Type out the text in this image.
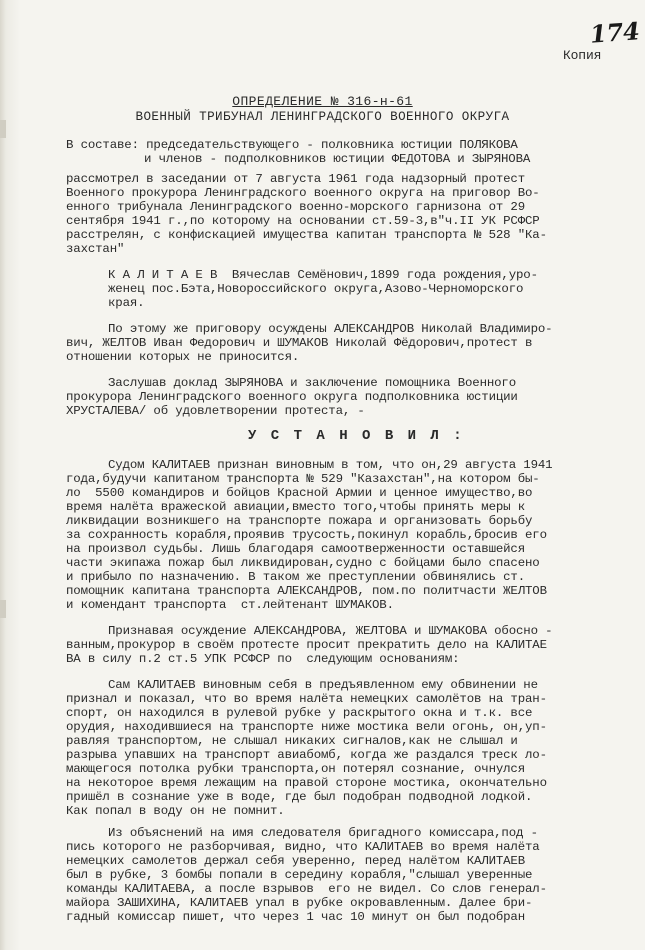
174
Копия
ОПРЕДЕЛЕНИЕ № 316-н-61
ВОЕННЫЙ ТРИБУНАЛ ЛЕНИНГРАДСКОГО ВОЕННОГО ОКРУГА
В составе: председательствующего - полковника юстиции ПОЛЯКОВА
и членов - подполковников юстиции ФЕДОТОВА и ЗЫРЯНОВА
рассмотрел в заседании от 7 августа 1961 года надзорный протест
Военного прокурора Ленинградского военного округа на приговор Во-
енного трибунала Ленинградского военно-морского гарнизона от 29
сентября 1941 г.,по которому на основании ст.59-3,в"ч.II УК РСФСР
расстрелян, с конфискацией имущества капитан транспорта № 528 "Ка-
захстан"
К А Л И Т А Е В  Вячеслав Семёнович,1899 года рождения,уро-
женец пос.Бэта,Новороссийского округа,Азово-Черноморского
края.
По этому же приговору осуждены АЛЕКСАНДРОВ Николай Владимиро-
вич, ЖЕЛТОВ Иван Федорович и ШУМАКОВ Николай Фёдорович,протест в
отношении которых не приносится.
Заслушав доклад ЗЫРЯНОВА и заключение помощника Военного
прокурора Ленинградского военного округа подполковника юстиции
ХРУСТАЛЕВА/ об удовлетворении протеста, -
У С Т А Н О В И Л :
Судом КАЛИТАЕВ признан виновным в том, что он,29 августа 1941
года,будучи капитаном транспорта № 529 "Казахстан",на котором бы-
ло  5500 командиров и бойцов Красной Армии и ценное имущество,во
время налёта вражеской авиации,вместо того,чтобы принять меры к
ликвидации возникшего на транспорте пожара и организовать борьбу
за сохранность корабля,проявив трусость,покинул корабль,бросив его
на произвол судьбы. Лишь благодаря самоотверженности оставшейся
части экипажа пожар был ликвидирован,судно с бойцами было спасено
и прибыло по назначению. В таком же преступлении обвинялись ст.
помощник капитана транспорта АЛЕКСАНДРОВ, пом.по политчасти ЖЕЛТОВ
и комендант транспорта  ст.лейтенант ШУМАКОВ.
Признавая осуждение АЛЕКСАНДРОВА, ЖЕЛТОВА и ШУМАКОВА обосно -
ванным,прокурор в своём протесте просит прекратить дело на КАЛИТАЕ
ВА в силу п.2 ст.5 УПК РСФСР по  следующим основаниям:
Сам КАЛИТАЕВ виновным себя в предъявленном ему обвинении не
признал и показал, что во время налёта немецких самолётов на тран-
спорт, он находился в рулевой рубке у раскрытого окна и т.к. все
орудия, находившиеся на транспорте ниже мостика вели огонь, он,уп-
равляя транспортом, не слышал никаких сигналов,как не слышал и
разрыва упавших на транспорт авиабомб, когда же раздался треск ло-
мающегося потолка рубки транспорта,он потерял сознание, очнулся
на некоторое время лежащим на правой стороне мостика, окончательно
пришёл в сознание уже в воде, где был подобран подводной лодкой.
Как попал в воду он не помнит.
Из объяснений на имя следователя бригадного комиссара,под -
пись которого не разборчивая, видно, что КАЛИТАЕВ во время налёта
немецких самолетов держал себя уверенно, перед налётом КАЛИТАЕВ
был в рубке, 3 бомбы попали в середину корабля,"слышал уверенные
команды КАЛИТАЕВА, а после взрывов  его не видел. Со слов генерал-
майора ЗАШИХИНА, КАЛИТАЕВ упал в рубке окровавленным. Далее бри-
гадный комиссар пишет, что через 1 час 10 минут он был подобран
